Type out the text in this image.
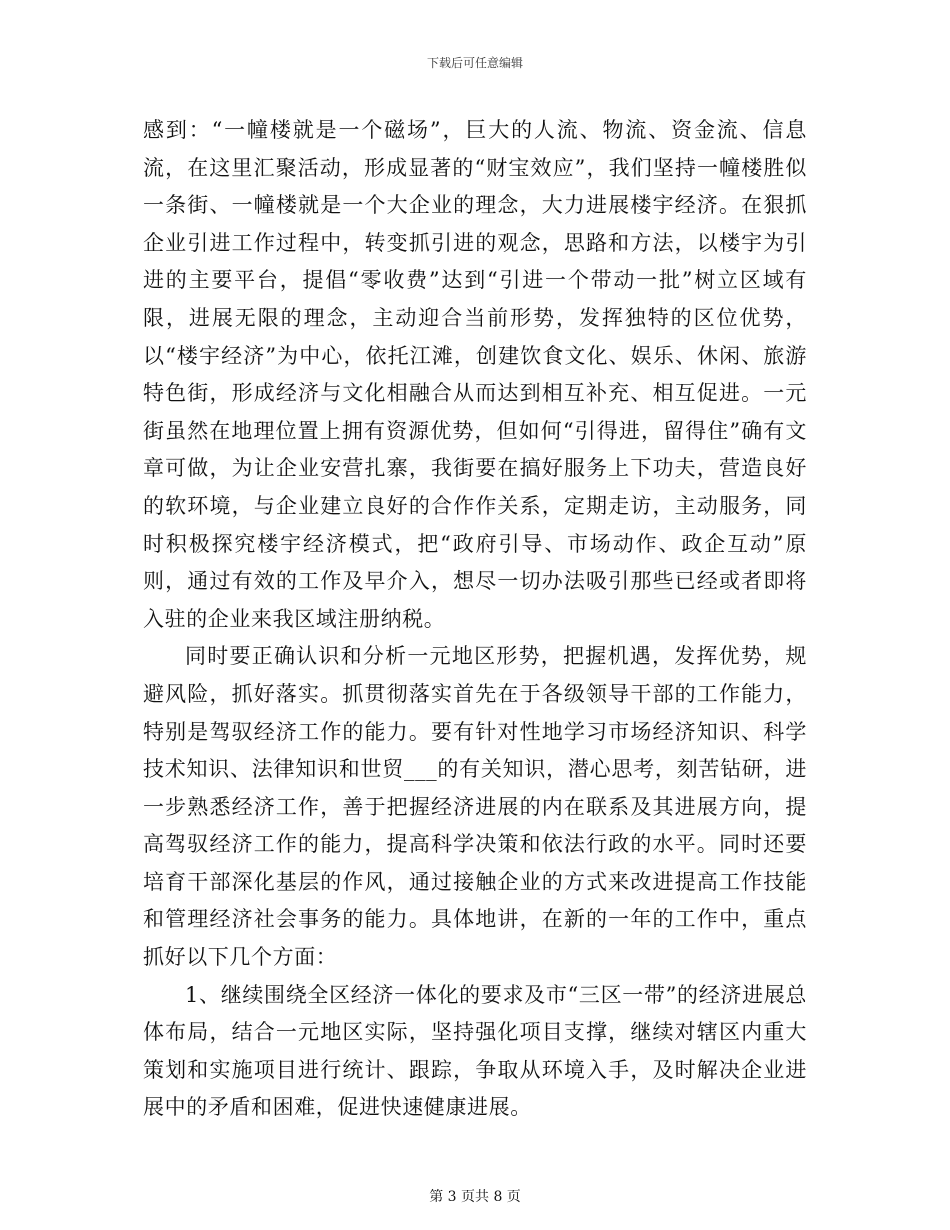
下载后可任意编辑

感到：“一幢楼就是一个磁场”，巨大的人流、物流、资金流、信息流，在这里汇聚活动，形成显著的“财宝效应”，我们坚持一幢楼胜似一条街、一幢楼就是一个大企业的理念，大力进展楼宇经济。在狠抓企业引进工作过程中，转变抓引进的观念，思路和方法，以楼宇为引进的主要平台，提倡“零收费”达到“引进一个带动一批”树立区域有限，进展无限的理念，主动迎合当前形势，发挥独特的区位优势，以“楼宇经济”为中心，依托江滩，创建饮食文化、娱乐、休闲、旅游特色街，形成经济与文化相融合从而达到相互补充、相互促进。一元街虽然在地理位置上拥有资源优势，但如何“引得进，留得住”确有文章可做，为让企业安营扎寨，我街要在搞好服务上下功夫，营造良好的软环境，与企业建立良好的合作作关系，定期走访，主动服务，同时积极探究楼宇经济模式，把“政府引导、市场动作、政企互动”原则，通过有效的工作及早介入，想尽一切办法吸引那些已经或者即将入驻的企业来我区域注册纳税。

同时要正确认识和分析一元地区形势，把握机遇，发挥优势，规避风险，抓好落实。抓贯彻落实首先在于各级领导干部的工作能力，特别是驾驭经济工作的能力。要有针对性地学习市场经济知识、科学技术知识、法律知识和世贸___的有关知识，潜心思考，刻苦钻研，进一步熟悉经济工作，善于把握经济进展的内在联系及其进展方向，提高驾驭经济工作的能力，提高科学决策和依法行政的水平。同时还要培育干部深化基层的作风，通过接触企业的方式来改进提高工作技能和管理经济社会事务的能力。具体地讲，在新的一年的工作中，重点抓好以下几个方面：

1、继续围绕全区经济一体化的要求及市“三区一带”的经济进展总体布局，结合一元地区实际，坚持强化项目支撑，继续对辖区内重大策划和实施项目进行统计、跟踪，争取从环境入手，及时解决企业进展中的矛盾和困难，促进快速健康进展。

第 3 页共 8 页
